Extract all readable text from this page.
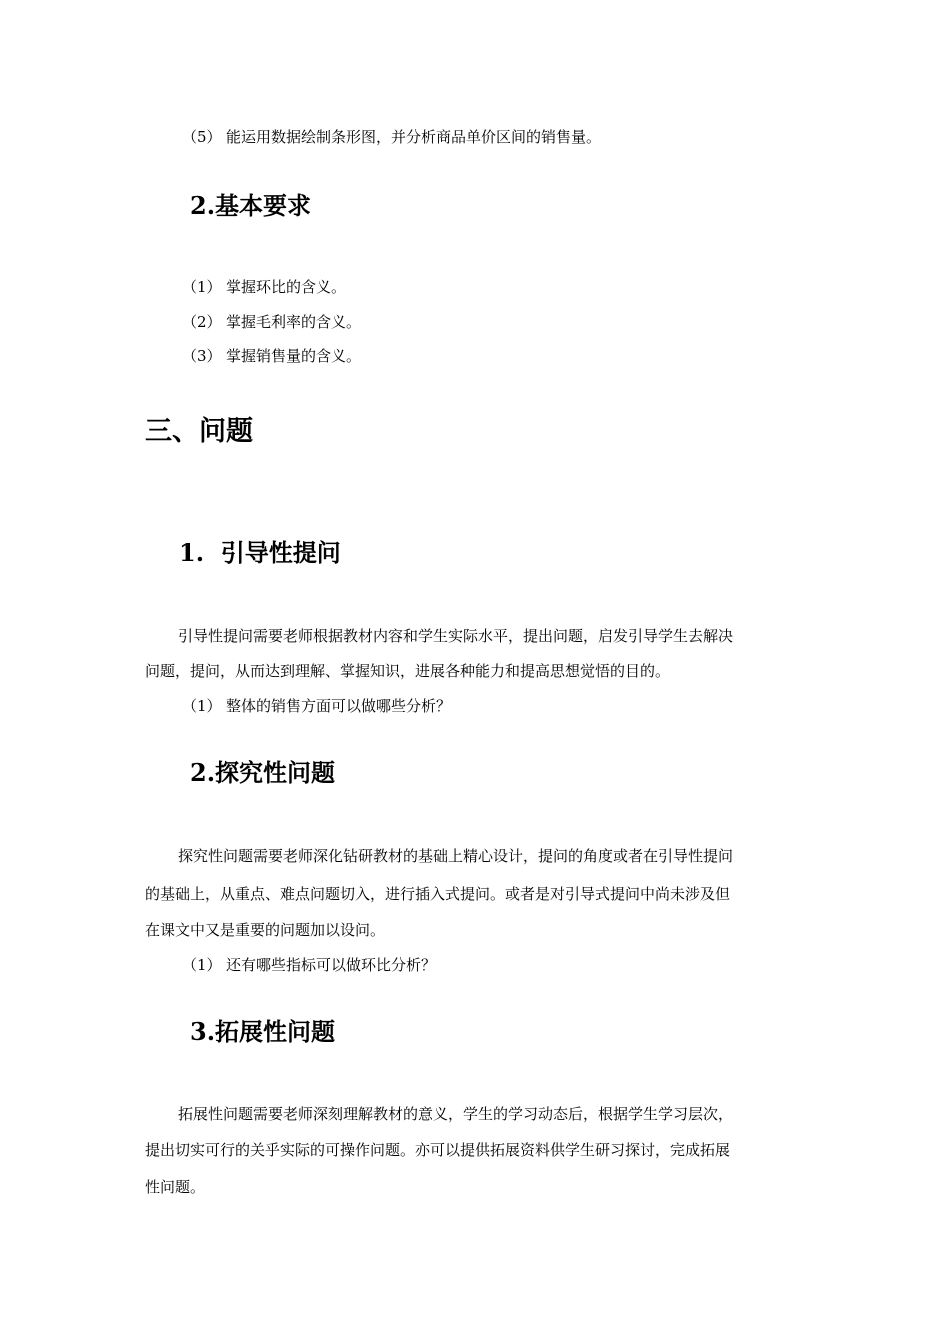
（5） 能运用数据绘制条形图，并分析商品单价区间的销售量。

2.基本要求

（1） 掌握环比的含义。

（2） 掌握毛利率的含义。

（3） 掌握销售量的含义。

三、问题
1.  引导性提问

引导性提问需要老师根据教材内容和学生实际水平，提出问题，启发引导学生去解决

问题，提问，从而达到理解、掌握知识，进展各种能力和提高思想觉悟的目的。

（1） 整体的销售方面可以做哪些分析？

2.探究性问题

探究性问题需要老师深化钻研教材的基础上精心设计，提问的角度或者在引导性提问

的基础上，从重点、难点问题切入，进行插入式提问。或者是对引导式提问中尚未涉及但

在课文中又是重要的问题加以设问。

（1） 还有哪些指标可以做环比分析？

3.拓展性问题

拓展性问题需要老师深刻理解教材的意义，学生的学习动态后，根据学生学习层次，

提出切实可行的关乎实际的可操作问题。亦可以提供拓展资料供学生研习探讨，完成拓展

性问题。
